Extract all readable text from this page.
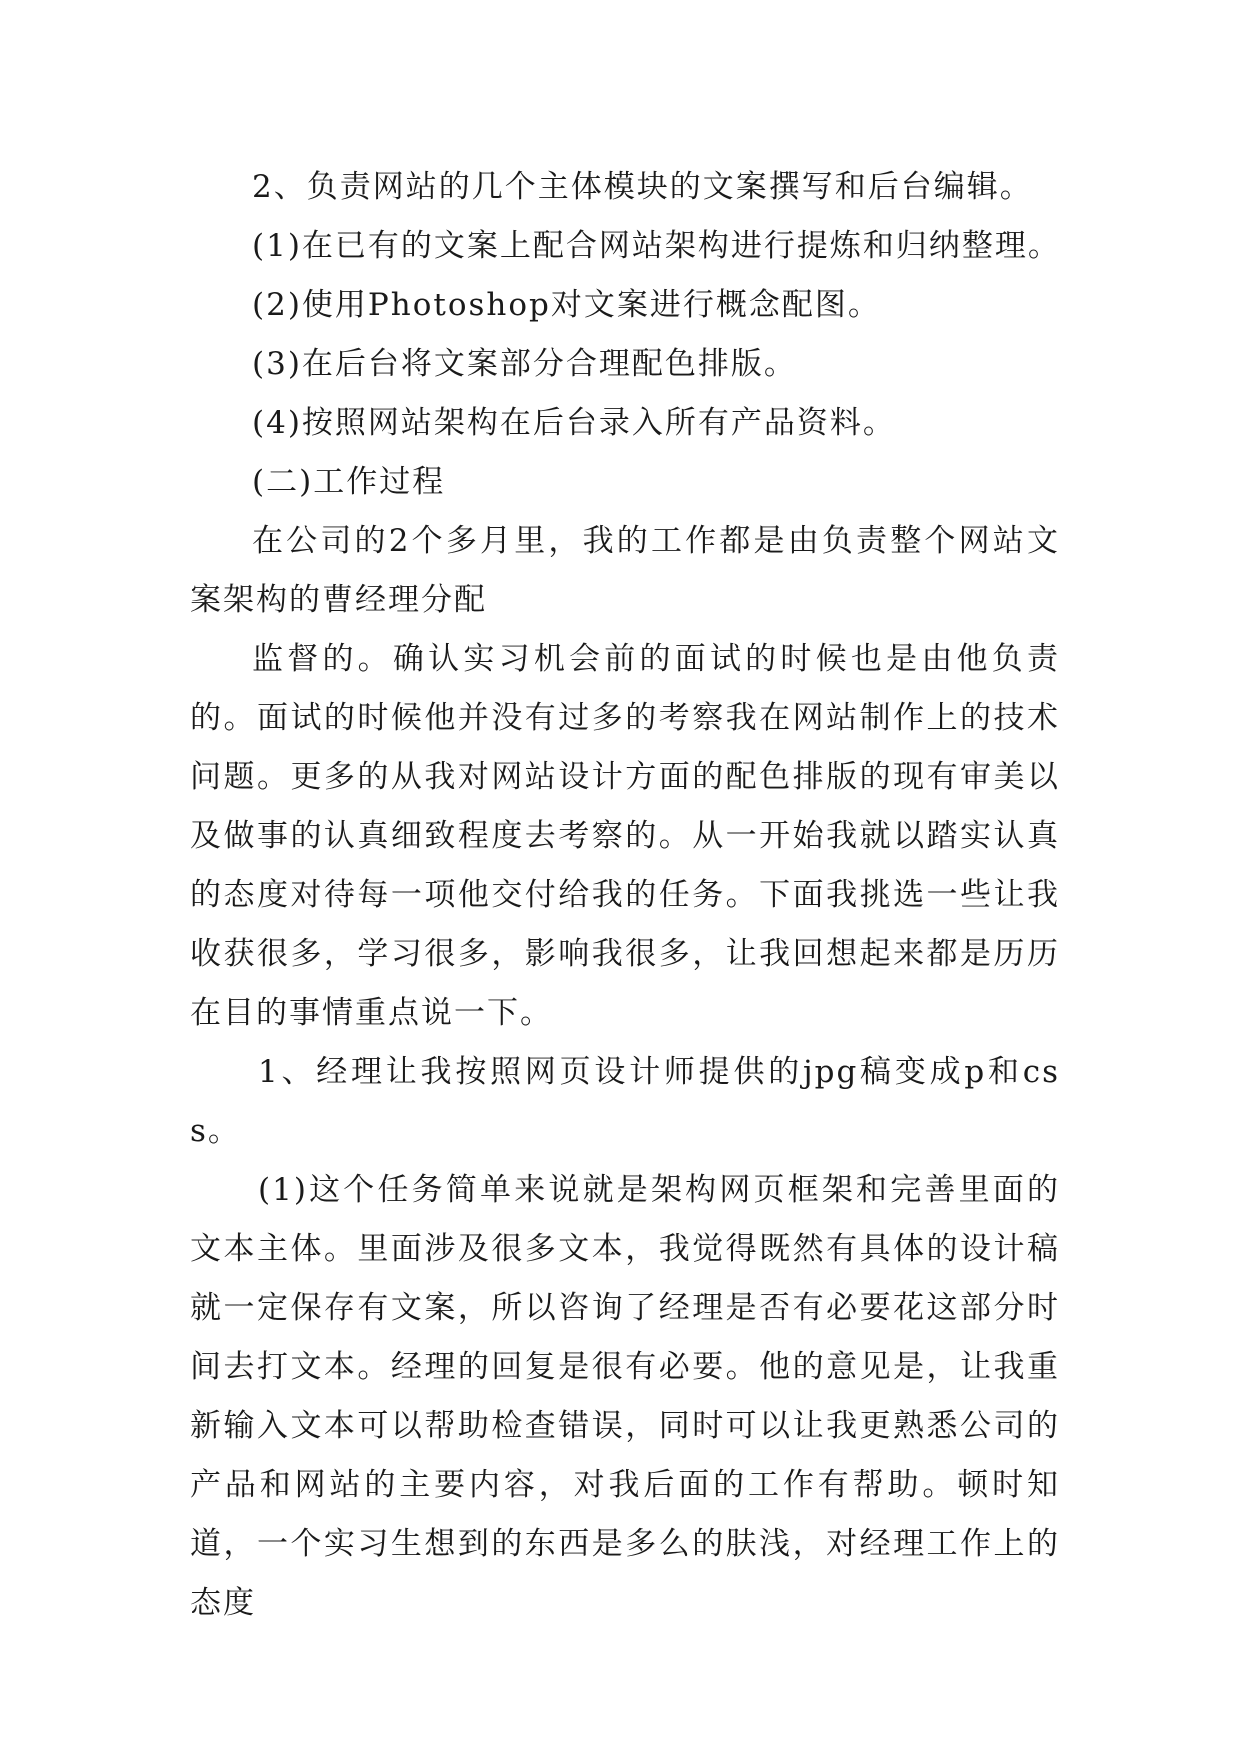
2、负责网站的几个主体模块的文案撰写和后台编辑。

(1)在已有的文案上配合网站架构进行提炼和归纳整理。

(2)使用Photoshop对文案进行概念配图。

(3)在后台将文案部分合理配色排版。

(4)按照网站架构在后台录入所有产品资料。

(二)工作过程

在公司的2个多月里，我的工作都是由负责整个网站文案架构的曹经理分配

监督的。确认实习机会前的面试的时候也是由他负责的。面试的时候他并没有过多的考察我在网站制作上的技术问题。更多的从我对网站设计方面的配色排版的现有审美以及做事的认真细致程度去考察的。从一开始我就以踏实认真的态度对待每一项他交付给我的任务。下面我挑选一些让我收获很多，学习很多，影响我很多，让我回想起来都是历历在目的事情重点说一下。

1、经理让我按照网页设计师提供的jpg稿变成p和css。

(1)这个任务简单来说就是架构网页框架和完善里面的文本主体。里面涉及很多文本，我觉得既然有具体的设计稿就一定保存有文案，所以咨询了经理是否有必要花这部分时间去打文本。经理的回复是很有必要。他的意见是，让我重新输入文本可以帮助检查错误，同时可以让我更熟悉公司的产品和网站的主要内容，对我后面的工作有帮助。顿时知道，一个实习生想到的东西是多么的肤浅，对经理工作上的态度
